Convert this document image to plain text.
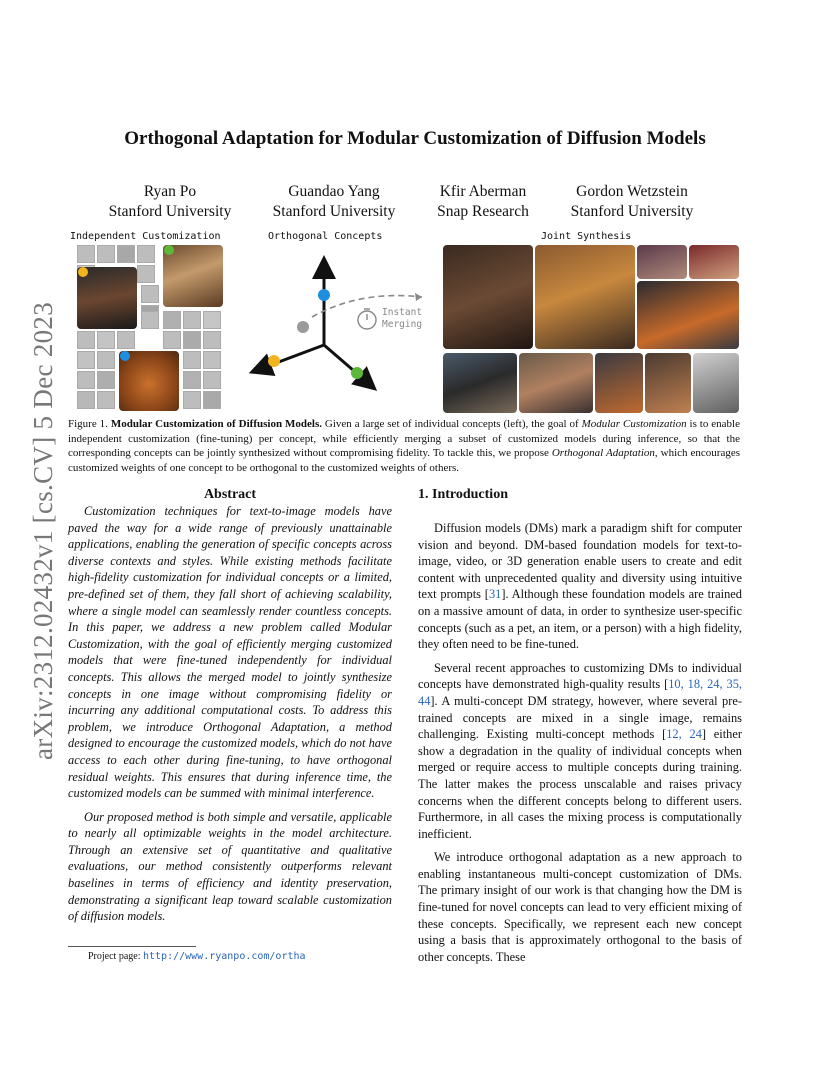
arXiv:2312.02432v1 [cs.CV] 5 Dec 2023
Orthogonal Adaptation for Modular Customization of Diffusion Models
Ryan Po
Stanford University
Guandao Yang
Stanford University
Kfir Aberman
Snap Research
Gordon Wetzstein
Stanford University
Independent Customization	Orthogonal Concepts	Joint Synthesis
Instant
Merging
Figure 1. Modular Customization of Diffusion Models. Given a large set of individual concepts (left), the goal of Modular Customization is to enable independent customization (fine-tuning) per concept, while efficiently merging a subset of customized models during inference, so that the corresponding concepts can be jointly synthesized without compromising fidelity. To tackle this, we propose Orthogonal Adaptation, which encourages customized weights of one concept to be orthogonal to the customized weights of others.
Abstract

Customization techniques for text-to-image models have paved the way for a wide range of previously unattainable applications, enabling the generation of specific concepts across diverse contexts and styles. While existing methods facilitate high-fidelity customization for individual concepts or a limited, pre-defined set of them, they fall short of achieving scalability, where a single model can seamlessly render countless concepts. In this paper, we address a new problem called Modular Customization, with the goal of efficiently merging customized models that were fine-tuned independently for individual concepts. This allows the merged model to jointly synthesize concepts in one image without compromising fidelity or incurring any additional computational costs. To address this problem, we introduce Orthogonal Adaptation, a method designed to encourage the customized models, which do not have access to each other during fine-tuning, to have orthogonal residual weights. This ensures that during inference time, the customized models can be summed with minimal interference.

Our proposed method is both simple and versatile, applicable to nearly all optimizable weights in the model architecture. Through an extensive set of quantitative and qualitative evaluations, our method consistently outperforms relevant baselines in terms of efficiency and identity preservation, demonstrating a significant leap toward scalable customization of diffusion models.

1. Introduction

Diffusion models (DMs) mark a paradigm shift for computer vision and beyond. DM-based foundation models for text-to-image, video, or 3D generation enable users to create and edit content with unprecedented quality and diversity using intuitive text prompts [31]. Although these foundation models are trained on a massive amount of data, in order to synthesize user-specific concepts (such as a pet, an item, or a person) with a high fidelity, they often need to be fine-tuned.

Several recent approaches to customizing DMs to individual concepts have demonstrated high-quality results [10, 18, 24, 35, 44]. A multi-concept DM strategy, however, where several pre-trained concepts are mixed in a single image, remains challenging. Existing multi-concept methods [12, 24] either show a degradation in the quality of individual concepts when merged or require access to multiple concepts during training. The latter makes the process unscalable and raises privacy concerns when the different concepts belong to different users. Furthermore, in all cases the mixing process is computationally inefficient.

We introduce orthogonal adaptation as a new approach to enabling instantaneous multi-concept customization of DMs. The primary insight of our work is that changing how the DM is fine-tuned for novel concepts can lead to very efficient mixing of these concepts. Specifically, we represent each new concept using a basis that is approximately orthogonal to the basis of other concepts. These

Project page: http://www.ryanpo.com/ortha
